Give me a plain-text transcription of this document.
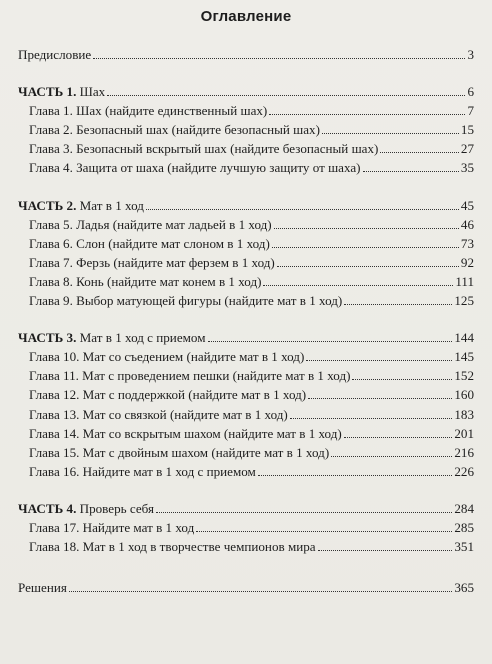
Оглавление
Предисловие	3
ЧАСТЬ 1. Шах	6
Глава 1. Шах (найдите единственный шах)	7
Глава 2. Безопасный шах (найдите безопасный шах)	15
Глава 3. Безопасный вскрытый шах (найдите безопасный шах)	27
Глава 4. Защита от шаха (найдите лучшую защиту от шаха)	35
ЧАСТЬ 2. Мат в 1 ход	45
Глава 5. Ладья (найдите мат ладьей в 1 ход)	46
Глава 6. Слон (найдите мат слоном в 1 ход)	73
Глава 7. Ферзь (найдите мат ферзем в 1 ход)	92
Глава 8. Конь (найдите мат конем в 1 ход)	111
Глава 9. Выбор матующей фигуры (найдите мат в 1 ход)	125
ЧАСТЬ 3. Мат в 1 ход с приемом	144
Глава 10. Мат со съедением (найдите мат в 1 ход)	145
Глава 11. Мат с проведением пешки (найдите мат в 1 ход)	152
Глава 12. Мат с поддержкой (найдите мат в 1 ход)	160
Глава 13. Мат со связкой (найдите мат в 1 ход)	183
Глава 14. Мат со вскрытым шахом (найдите мат в 1 ход)	201
Глава 15. Мат с двойным шахом (найдите мат в 1 ход)	216
Глава 16. Найдите мат в 1 ход с приемом	226
ЧАСТЬ 4. Проверь себя	284
Глава 17. Найдите мат в 1 ход	285
Глава 18. Мат в 1 ход в творчестве чемпионов мира	351
Решения	365
